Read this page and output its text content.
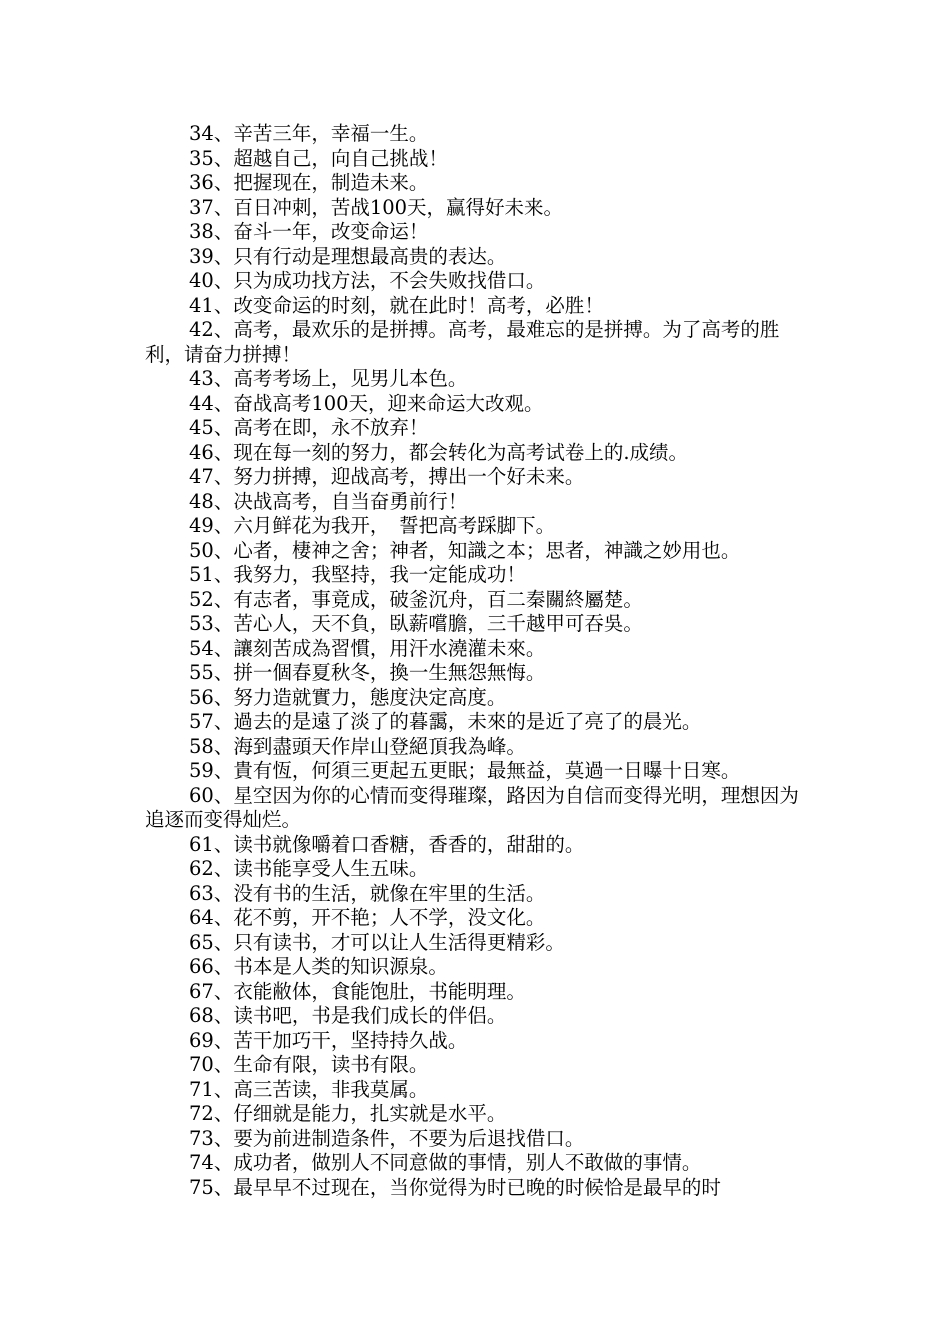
34、辛苦三年，幸福一生。

35、超越自己，向自己挑战！

36、把握现在，制造未来。

37、百日冲刺，苦战100天，赢得好未来。

38、奋斗一年，改变命运！

39、只有行动是理想最高贵的表达。

40、只为成功找方法，不会失败找借口。

41、改变命运的时刻，就在此时！高考，必胜！

42、高考，最欢乐的是拼搏。高考，最难忘的是拼搏。为了高考的胜利，请奋力拼搏！

43、高考考场上，见男儿本色。

44、奋战高考100天，迎来命运大改观。

45、高考在即，永不放弃！

46、现在每一刻的努力，都会转化为高考试卷上的.成绩。

47、努力拼搏，迎战高考，搏出一个好未来。

48、决战高考，自当奋勇前行！

49、六月鲜花为我开，　誓把高考踩脚下。

50、心者，棲神之舍；神者，知識之本；思者，神識之妙用也。

51、我努力，我堅持，我一定能成功！

52、有志者，事竟成，破釜沉舟，百二秦關終屬楚。

53、苦心人，天不負，臥薪嚐膽，三千越甲可吞吳。

54、讓刻苦成為習慣，用汗水澆灌未來。

55、拼一個春夏秋冬，換一生無怨無悔。

56、努力造就實力，態度決定高度。

57、過去的是遠了淡了的暮靄，未來的是近了亮了的晨光。

58、海到盡頭天作岸山登絕頂我為峰。

59、貴有恆，何須三更起五更眠；最無益，莫過一日曝十日寒。

60、星空因为你的心情而变得璀璨，路因为自信而变得光明，理想因为追逐而变得灿烂。

61、读书就像嚼着口香糖，香香的，甜甜的。

62、读书能享受人生五味。

63、没有书的生活，就像在牢里的生活。

64、花不剪，开不艳；人不学，没文化。

65、只有读书，才可以让人生活得更精彩。

66、书本是人类的知识源泉。

67、衣能敝体，食能饱肚，书能明理。

68、读书吧，书是我们成长的伴侣。

69、苦干加巧干，坚持持久战。

70、生命有限，读书有限。

71、高三苦读，非我莫属。

72、仔细就是能力，扎实就是水平。

73、要为前进制造条件，不要为后退找借口。

74、成功者，做别人不同意做的事情，别人不敢做的事情。

75、最早早不过现在，当你觉得为时已晚的时候恰是最早的时
